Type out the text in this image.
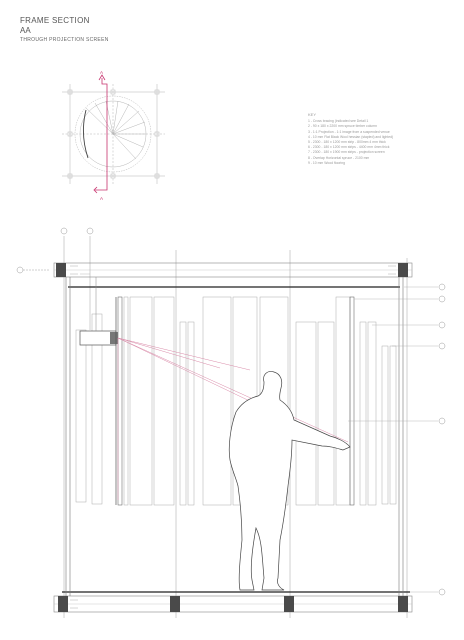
FRAME SECTION
AA
THROUGH PROJECTION SCREEN
KEY
1 - Cross bracing (indicated see Detail 1
2 - 90 x 180 x 2200 mm spruce timber column
3 - 1:1 Projection - 1:1 image from a suspended venue
4 - 10 mm Flat Black Wool hessian (stapled) and lighted)
5 - 2300 - 180 x 1200 mm strip - 800mm 4 mm thick
6 - 2300 - 180 x 1200 mm strips - 4400 mm 4mm thick
7 - 2300 - 180 x 1900 mm strips - projection screen
8 - Overlap Horizontal spruce - 2100 mm
9 - 10 mm Wood flooring
A
A
